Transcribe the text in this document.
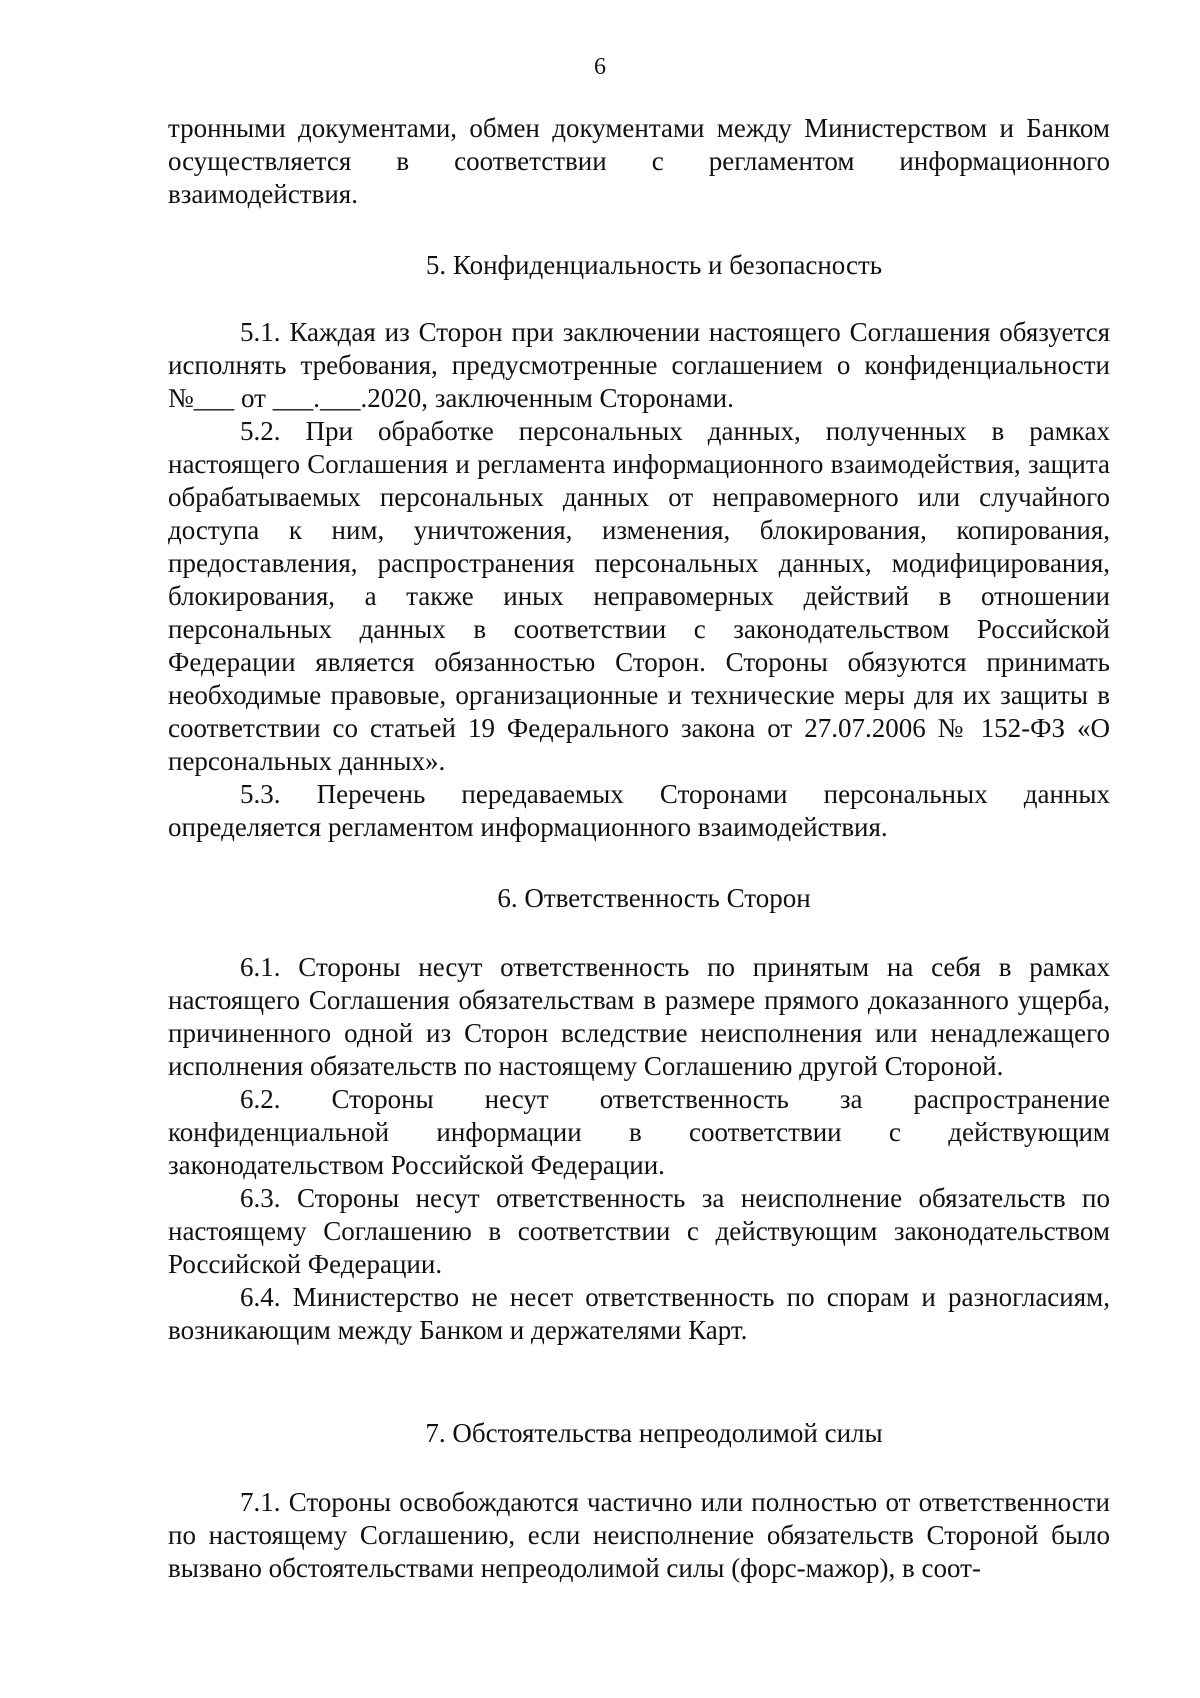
6

тронными документами, обмен документами между Министерством и Банком осуществляется в соответствии с регламентом информационного взаимодействия.

5. Конфиденциальность и безопасность

5.1. Каждая из Сторон при заключении настоящего Соглашения обязуется исполнять требования, предусмотренные соглашением о конфиденциальности №___ от ___.___.2020, заключенным Сторонами.

5.2. При обработке персональных данных, полученных в рамках настоящего Соглашения и регламента информационного взаимодействия, защита обрабатываемых персональных данных от неправомерного или случайного доступа к ним, уничтожения, изменения, блокирования, копирования, предоставления, распространения персональных данных, модифицирования, блокирования, а также иных неправомерных действий в отношении персональных данных в соответствии с законодательством Российской Федерации является обязанностью Сторон. Стороны обязуются принимать необходимые правовые, организационные и технические меры для их защиты в соответствии со статьей 19 Федерального закона от 27.07.2006 № 152-ФЗ «О персональных данных».

5.3. Перечень передаваемых Сторонами персональных данных определяется регламентом информационного взаимодействия.

6. Ответственность Сторон

6.1. Стороны несут ответственность по принятым на себя в рамках настоящего Соглашения обязательствам в размере прямого доказанного ущерба, причиненного одной из Сторон вследствие неисполнения или ненадлежащего исполнения обязательств по настоящему Соглашению другой Стороной.

6.2. Стороны несут ответственность за распространение конфиденциальной информации в соответствии с действующим законодательством Российской Федерации.

6.3. Стороны несут ответственность за неисполнение обязательств по настоящему Соглашению в соответствии с действующим законодательством Российской Федерации.

6.4. Министерство не несет ответственность по спорам и разногласиям, возникающим между Банком и держателями Карт.

7. Обстоятельства непреодолимой силы

7.1. Стороны освобождаются частично или полностью от ответственности по настоящему Соглашению, если неисполнение обязательств Стороной было вызвано обстоятельствами непреодолимой силы (форс-мажор), в соот-
